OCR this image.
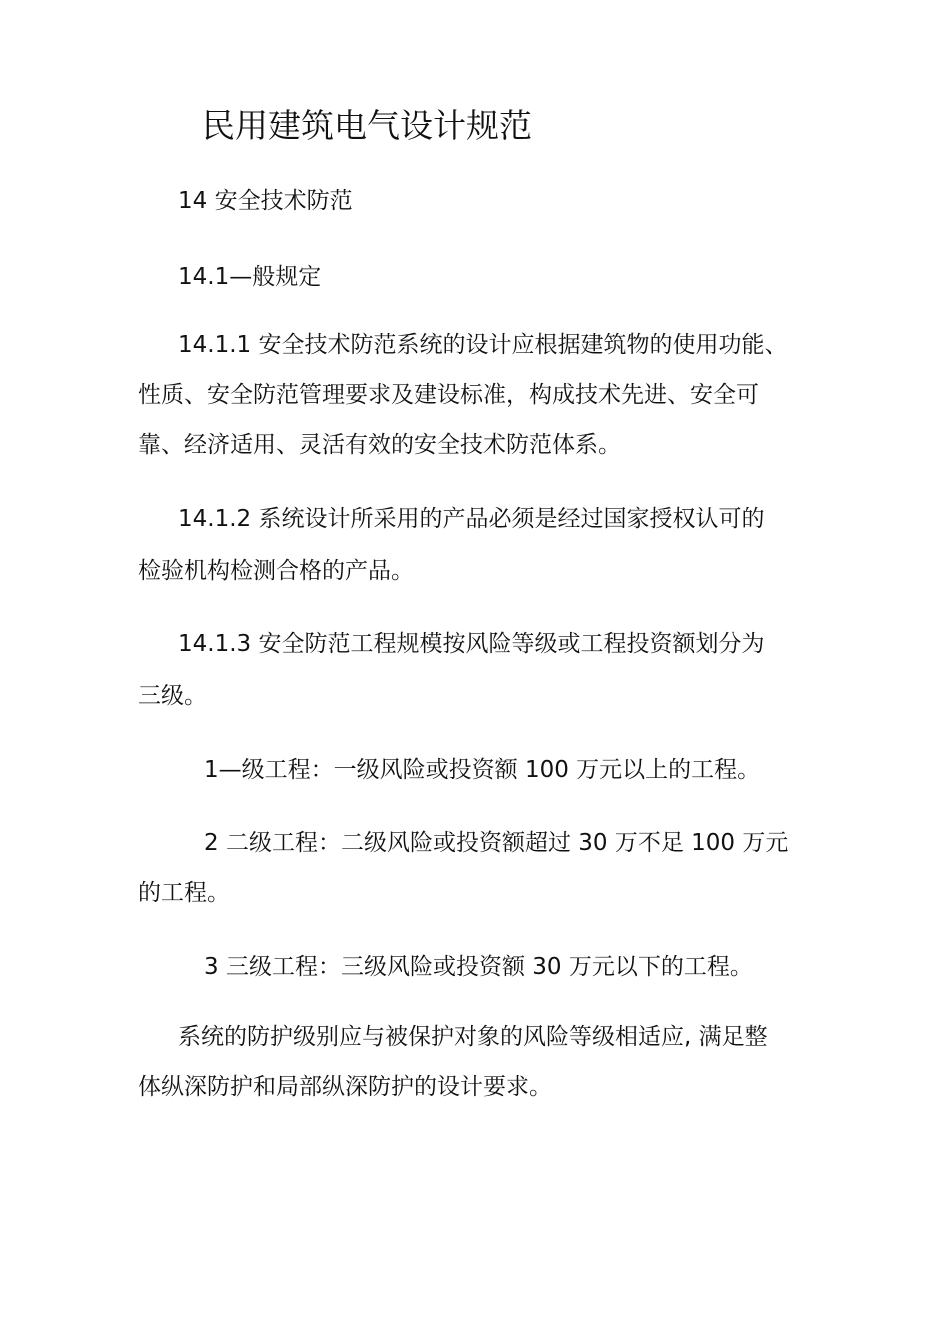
民用建筑电气设计规范
14 安全技术防范
14.1—般规定
14.1.1 安全技术防范系统的设计应根据建筑物的使用功能、
性质、安全防范管理要求及建设标准，构成技术先进、安全可
靠、经济适用、灵活有效的安全技术防范体系。
14.1.2 系统设计所采用的产品必须是经过国家授权认可的
检验机构检测合格的产品。
14.1.3 安全防范工程规模按风险等级或工程投资额划分为
三级。
1—级工程：一级风险或投资额 100 万元以上的工程。
2 二级工程：二级风险或投资额超过 30 万不足 100 万元
的工程。
3 三级工程：三级风险或投资额 30 万元以下的工程。
系统的防护级别应与被保护对象的风险等级相适应, 满足整
体纵深防护和局部纵深防护的设计要求。
